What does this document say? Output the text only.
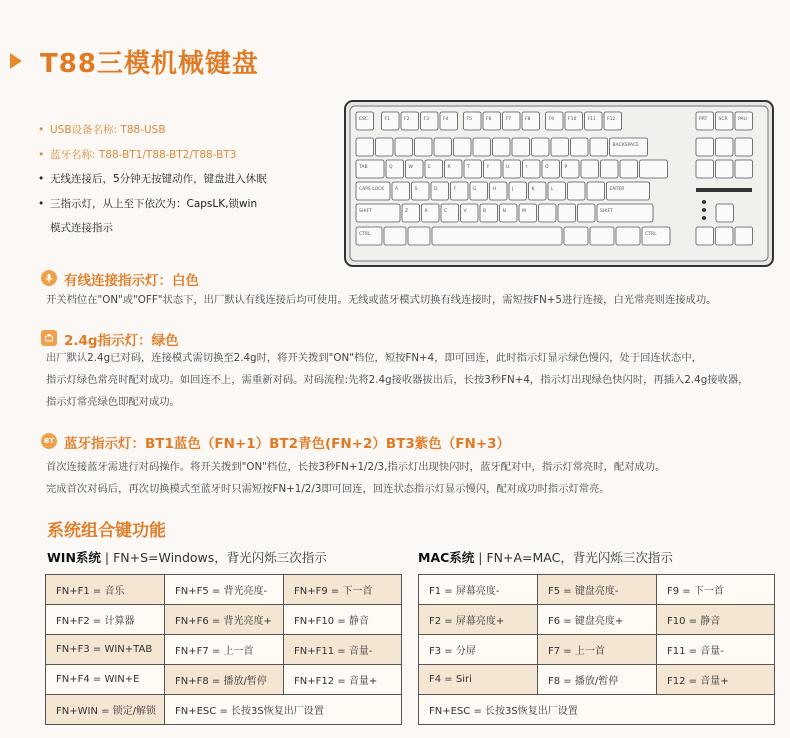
T88三模机械键盘
• USB设备名称: T88-USB
• 蓝牙名称: T88-BT1/T88-BT2/T88-BT3
• 无线连接后，5分钟无按键动作，键盘进入休眠
• 三指示灯，从上至下依次为：CapsLK,锁win
模式连接指示
ESC	F1	F2	F3	F4	F5	F6	F7	F8	F9	F10 F11 F12	PRT SCR PAU
BACKSPACE
TAB	Q	W	E	R	T	Y	U	I	O	P
CAPS LOCK A	S	D	F	G	H	J	K	L	ENTER
SHIFT	Z	X	C	V	B	N	M	SHIFT
CTRL	CTRL
有线连接指示灯：白色
开关档位在"ON"或"OFF"状态下，出厂默认有线连接后均可使用。无线或蓝牙模式切换有线连接时，需短按FN+5进行连接，白光常亮则连接成功。
2.4g指示灯：绿色
出厂默认2.4g已对码，连接模式需切换至2.4g时，将开关拨到"ON"档位，短按FN+4，即可回连，此时指示灯显示绿色慢闪，处于回连状态中，
指示灯绿色常亮时配对成功。如回连不上，需重新对码。对码流程:先将2.4g接收器拔出后，长按3秒FN+4，指示灯出现绿色快闪时，再插入2.4g接收器，
指示灯常亮绿色即配对成功。
BT 蓝牙指示灯：BT1蓝色（FN+1）BT2青色(FN+2）BT3紫色（FN+3）
首次连接蓝牙需进行对码操作。将开关拨到"ON"档位，长按3秒FN+1/2/3,指示灯出现快闪时，蓝牙配对中，指示灯常亮时，配对成功。
完成首次对码后，再次切换模式至蓝牙时只需短按FN+1/2/3即可回连，回连状态指示灯显示慢闪，配对成功时指示灯常亮。
系统组合键功能
WIN系统 | FN+S=Windows，背光闪烁三次指示	MAC系统 | FN+A=MAC，背光闪烁三次指示
FN+F1 = 音乐	FN+F5 = 背光亮度-	FN+F9 = 下一首
FN+F2 = 计算器	FN+F6 = 背光亮度+	FN+F10 = 静音
FN+F3 = WIN+TAB	FN+F7 = 上一首	FN+F11 = 音量-
FN+F4 = WIN+E	FN+F8 = 播放/暂停	FN+F12 = 音量+
FN+WIN = 锁定/解锁	FN+ESC = 长按3S恢复出厂设置	
F1 = 屏幕亮度-	F5 = 键盘亮度-	F9 = 下一首
F2 = 屏幕亮度+	F6 = 键盘亮度+	F10 = 静音
F3 = 分屏	F7 = 上一首	F11 = 音量-
F4 = Siri	F8 = 播放/暂停	F12 = 音量+
FN+ESC = 长按3S恢复出厂设置		
